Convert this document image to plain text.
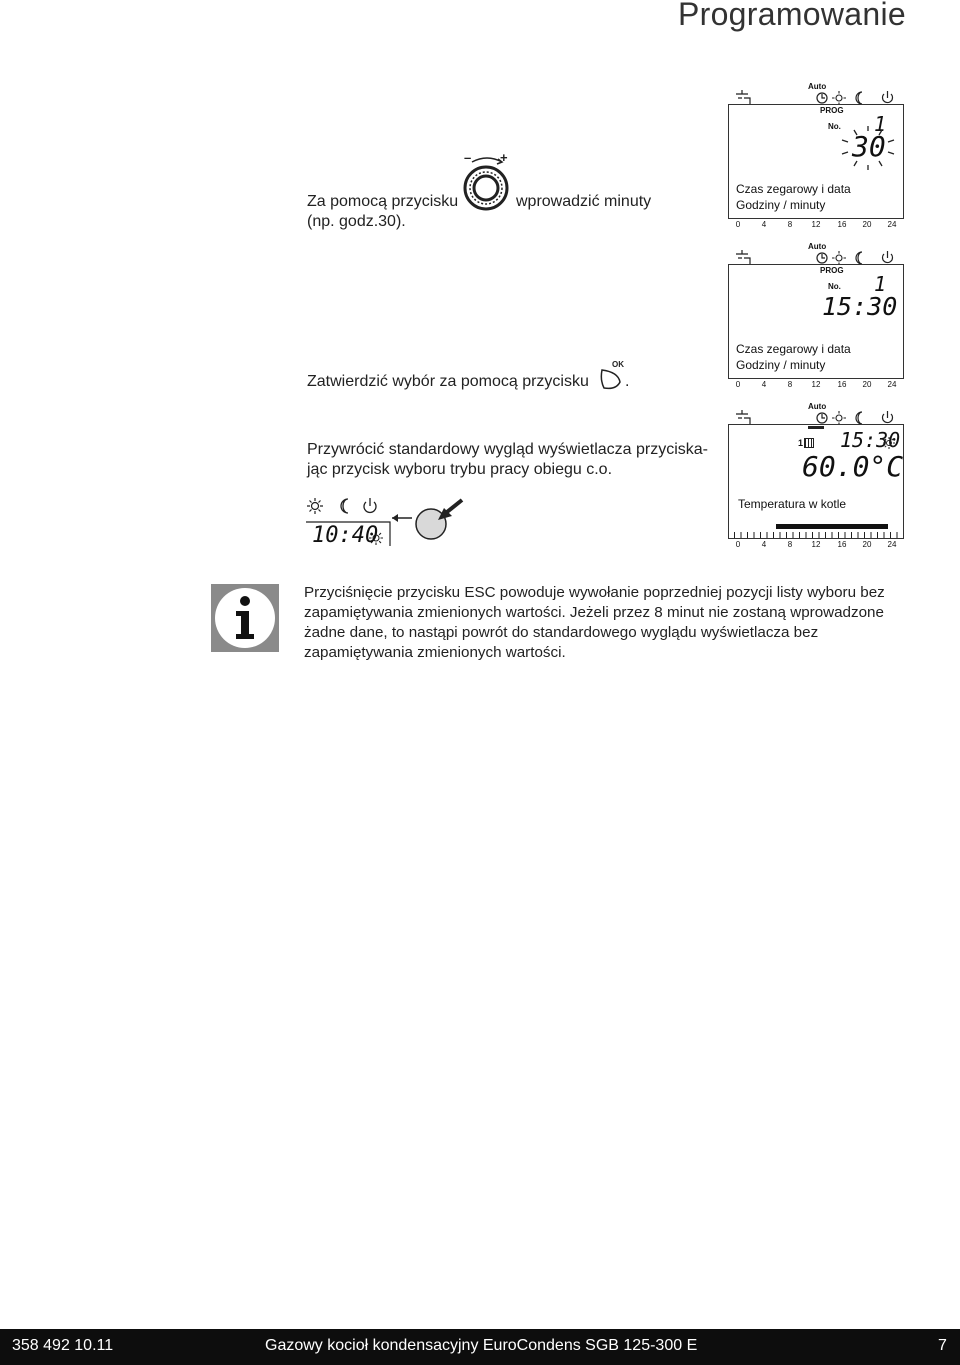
Programowanie
Za pomocą przycisku
– +
wprowadzić minuty
(np. godz.30).
Zatwierdzić wybór za pomocą przycisku
OK
.
Przywrócić standardowy wygląd wyświetlacza przyciska-
jąc przycisk wyboru trybu pracy obiegu c.o.
10:40
Auto
PROG
No. 1
30
Czas zegarowy i data
Godziny / minuty
0	4	8 12 16 20 24
Auto
PROG
No. 1
15:30
Czas zegarowy i data
Godziny / minuty
0	4	8 12 16 20 24
Auto
1 15:30
60.0°C
Temperatura w kotle
0	4	8 12 16 20 24
Przyciśnięcie przycisku ESC powoduje wywołanie poprzedniej pozycji listy wyboru bez zapamiętywania zmienionych wartości. Jeżeli przez 8 minut nie zostaną wprowadzone żadne dane, to nastąpi powrót do standardowego wyglądu wyświetlacza bez zapamiętywania zmienionych wartości.
358 492 10.11	Gazowy kocioł kondensacyjny EuroCondens SGB 125-300 E	7
